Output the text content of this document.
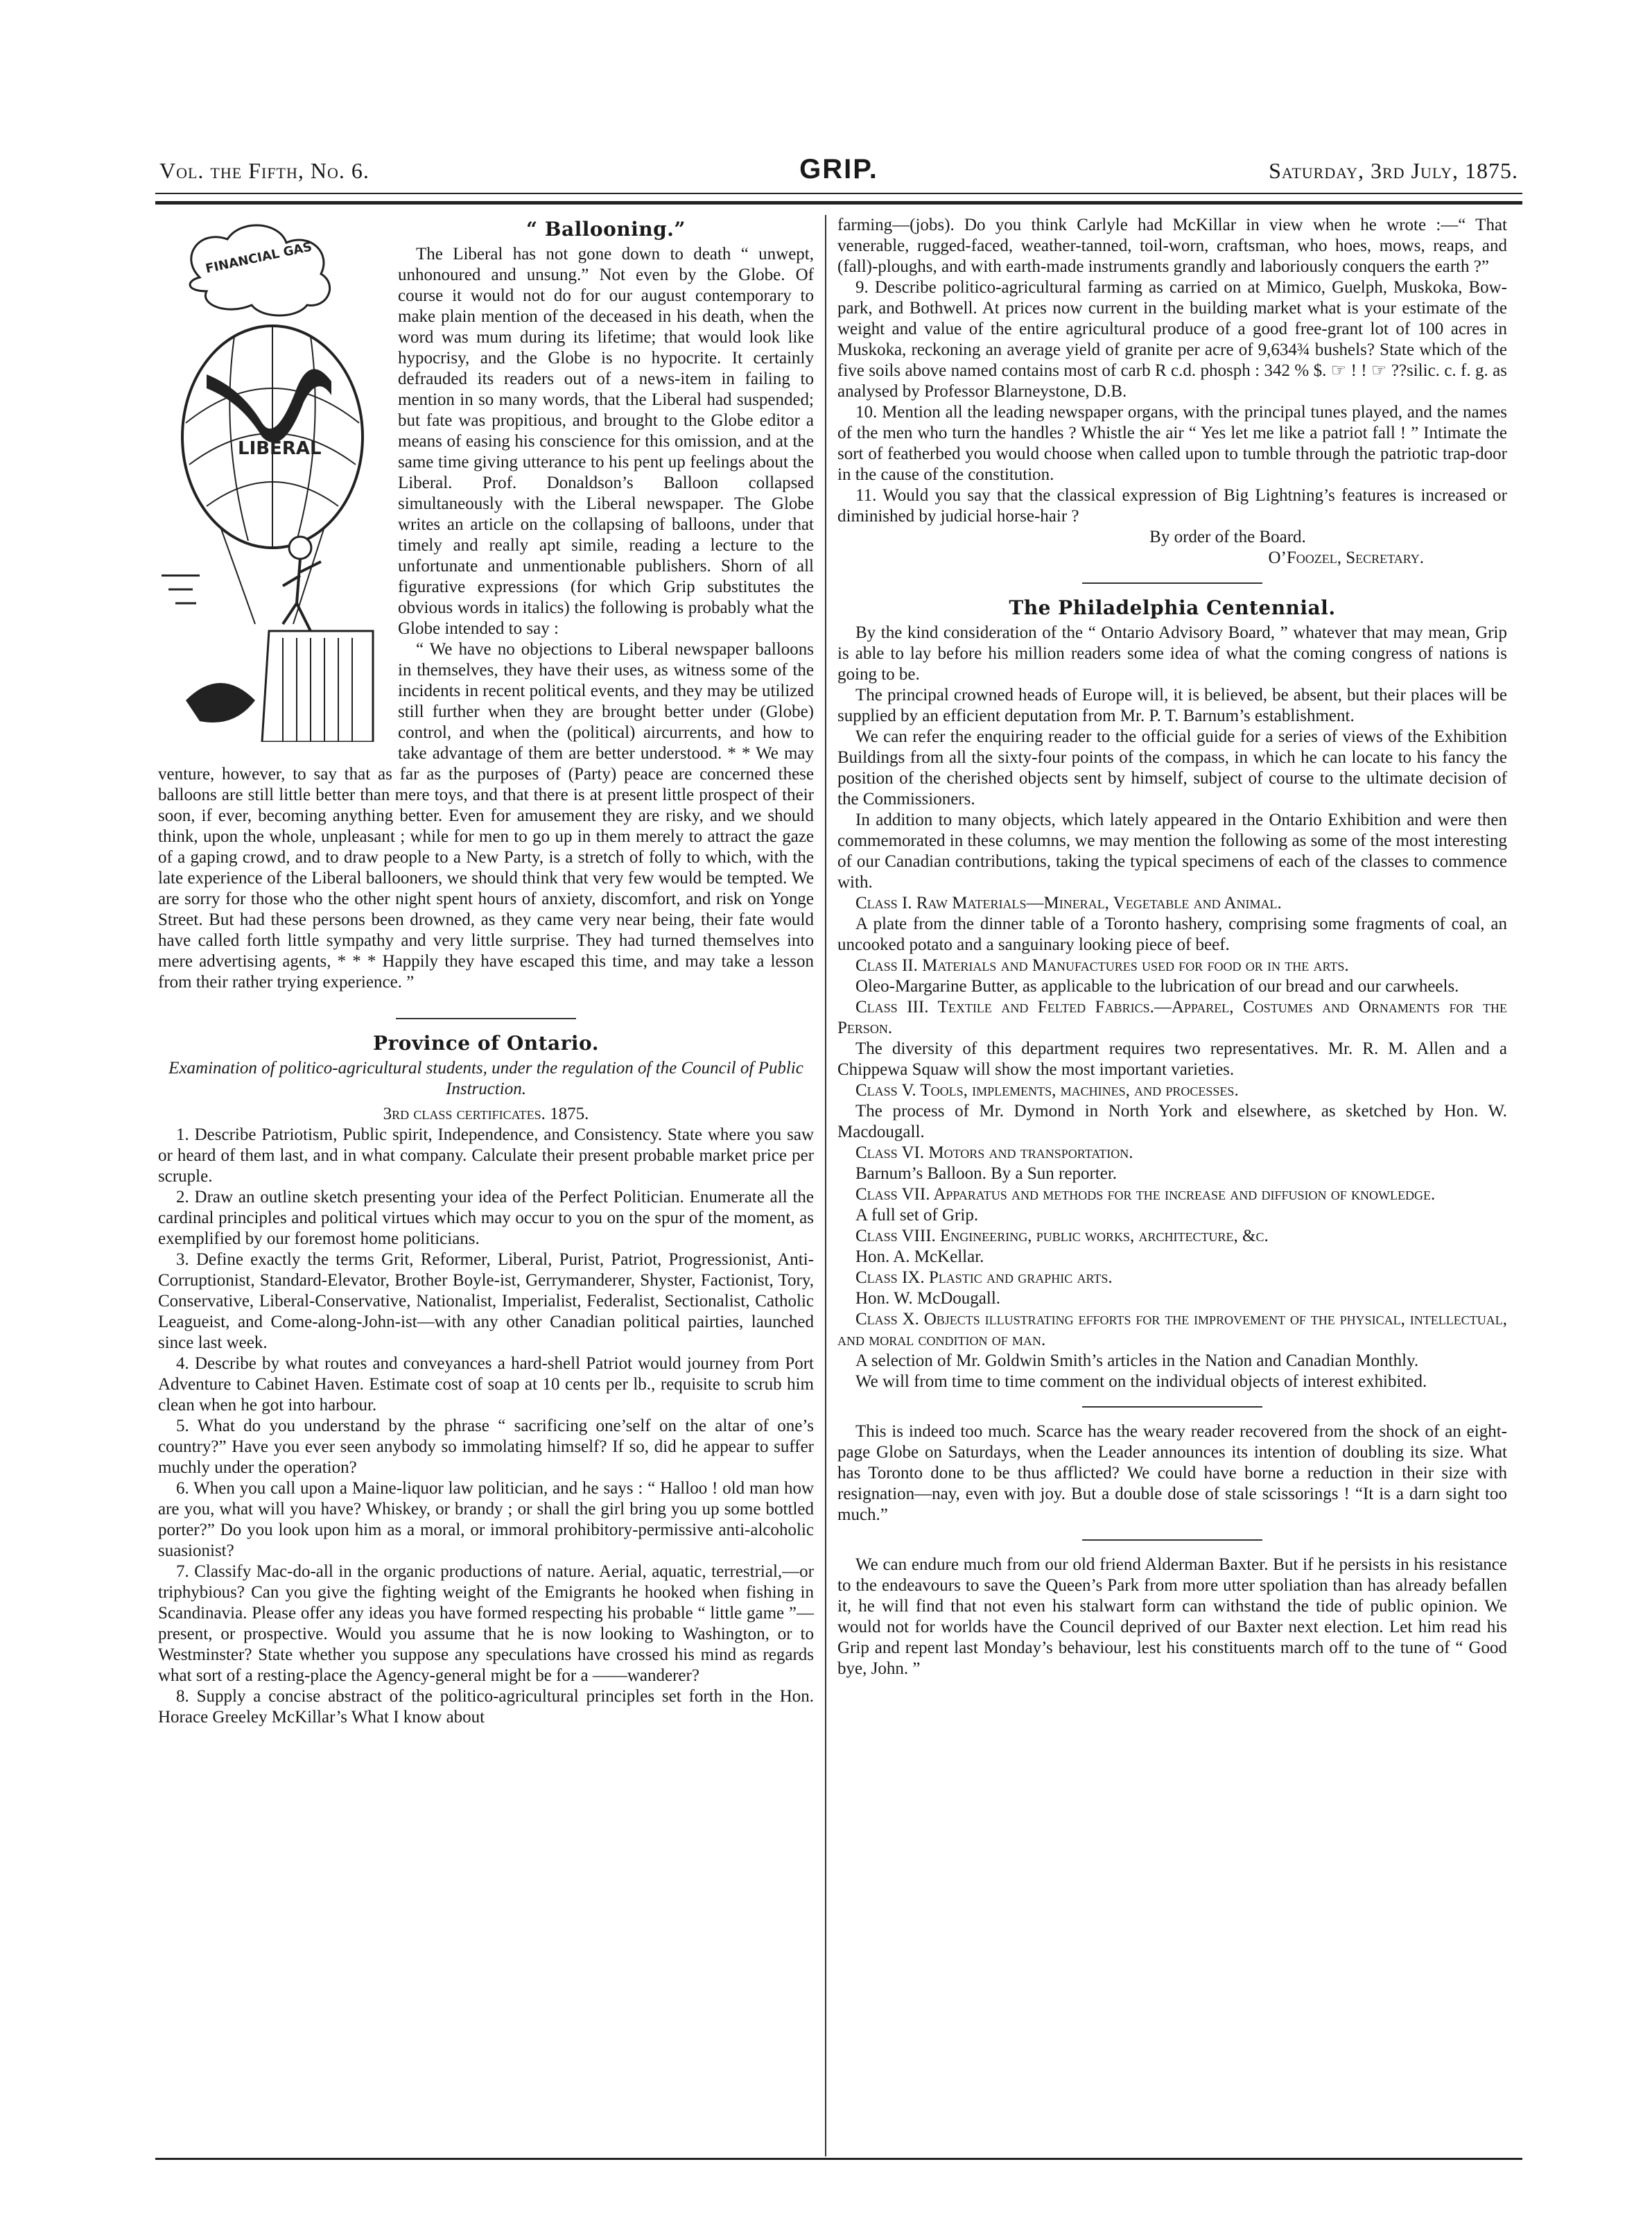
Vol. the Fifth, No. 6.	GRIP.	Saturday, 3rd July, 1875.
FINANCIAL GAS
LIBERAL
“ Ballooning.”

The Liberal has not gone down to death “ unwept, unhonoured and unsung.” Not even by the Globe. Of course it would not do for our august contemporary to make plain mention of the deceased in his death, when the word was mum during its lifetime; that would look like hypocrisy, and the Globe is no hypocrite. It certainly defrauded its readers out of a news-item in failing to mention in so many words, that the Liberal had suspended; but fate was propitious, and brought to the Globe editor a means of easing his conscience for this omission, and at the same time giving utterance to his pent up feelings about the Liberal. Prof. Donaldson’s Balloon collapsed simultaneously with the Liberal newspaper. The Globe writes an article on the collapsing of balloons, under that timely and really apt simile, reading a lecture to the unfortunate and unmentionable publishers. Shorn of all figurative expressions (for which Grip substitutes the obvious words in italics) the following is probably what the Globe intended to say :

“ We have no objections to Liberal newspaper balloons in themselves, they have their uses, as witness some of the incidents in recent political events, and they may be utilized still further when they are brought better under (Globe) control, and when the (political) aircurrents, and how to take advantage of them are better understood. * * We may venture, however, to say that as far as the purposes of (Party) peace are concerned these balloons are still little better than mere toys, and that there is at present little prospect of their soon, if ever, becoming anything better. Even for amusement they are risky, and we should think, upon the whole, unpleasant ; while for men to go up in them merely to attract the gaze of a gaping crowd, and to draw people to a New Party, is a stretch of folly to which, with the late experience of the Liberal ballooners, we should think that very few would be tempted. We are sorry for those who the other night spent hours of anxiety, discomfort, and risk on Yonge Street. But had these persons been drowned, as they came very near being, their fate would have called forth little sympathy and very little surprise. They had turned themselves into mere advertising agents, * * * Happily they have escaped this time, and may take a lesson from their rather trying experience. ”

Province of Ontario.

Examination of politico-agricultural students, under the regulation of the Council of Public Instruction.

3rd class certificates. 1875.

1. Describe Patriotism, Public spirit, Independence, and Consistency. State where you saw or heard of them last, and in what company. Calculate their present probable market price per scruple.

2. Draw an outline sketch presenting your idea of the Perfect Politician. Enumerate all the cardinal principles and political virtues which may occur to you on the spur of the moment, as exemplified by our foremost home politicians.

3. Define exactly the terms Grit, Reformer, Liberal, Purist, Patriot, Progressionist, Anti-Corruptionist, Standard-Elevator, Brother Boyle-ist, Gerrymanderer, Shyster, Factionist, Tory, Conservative, Liberal-Conservative, Nationalist, Imperialist, Federalist, Sectionalist, Catholic Leagueist, and Come-along-John-ist—with any other Canadian political pairties, launched since last week.

4. Describe by what routes and conveyances a hard-shell Patriot would journey from Port Adventure to Cabinet Haven. Estimate cost of soap at 10 cents per lb., requisite to scrub him clean when he got into harbour.

5. What do you understand by the phrase “ sacrificing one’self on the altar of one’s country?” Have you ever seen anybody so immolating himself? If so, did he appear to suffer muchly under the operation?

6. When you call upon a Maine-liquor law politician, and he says : “ Halloo ! old man how are you, what will you have? Whiskey, or brandy ; or shall the girl bring you up some bottled porter?” Do you look upon him as a moral, or immoral prohibitory-permissive anti-alcoholic suasionist?

7. Classify Mac-do-all in the organic productions of nature. Aerial, aquatic, terrestrial,—or triphybious? Can you give the fighting weight of the Emigrants he hooked when fishing in Scandinavia. Please offer any ideas you have formed respecting his probable “ little game ”—present, or prospective. Would you assume that he is now looking to Washington, or to Westminster? State whether you suppose any speculations have crossed his mind as regards what sort of a resting-place the Agency-general might be for a ——wanderer?

8. Supply a concise abstract of the politico-agricultural principles set forth in the Hon. Horace Greeley McKillar’s What I know about

farming—(jobs). Do you think Carlyle had McKillar in view when he wrote :—“ That venerable, rugged-faced, weather-tanned, toil-worn, craftsman, who hoes, mows, reaps, and (fall)-ploughs, and with earth-made instruments grandly and laboriously conquers the earth ?”

9. Describe politico-agricultural farming as carried on at Mimico, Guelph, Muskoka, Bow-park, and Bothwell. At prices now current in the building market what is your estimate of the weight and value of the entire agricultural produce of a good free-grant lot of 100 acres in Muskoka, reckoning an average yield of granite per acre of 9,634¾ bushels? State which of the five soils above named contains most of carb R c.d. phosph : 342 % $. ☞ ! ! ☞ ??silic. c. f. g. as analysed by Professor Blarneystone, D.B.

10. Mention all the leading newspaper organs, with the principal tunes played, and the names of the men who turn the handles ? Whistle the air “ Yes let me like a patriot fall ! ” Intimate the sort of featherbed you would choose when called upon to tumble through the patriotic trap-door in the cause of the constitution.

11. Would you say that the classical expression of Big Lightning’s features is increased or diminished by judicial horse-hair ?

By order of the Board.

O’Foozel, Secretary.

The Philadelphia Centennial.

By the kind consideration of the “ Ontario Advisory Board, ” whatever that may mean, Grip is able to lay before his million readers some idea of what the coming congress of nations is going to be.

The principal crowned heads of Europe will, it is believed, be absent, but their places will be supplied by an efficient deputation from Mr. P. T. Barnum’s establishment.

We can refer the enquiring reader to the official guide for a series of views of the Exhibition Buildings from all the sixty-four points of the compass, in which he can locate to his fancy the position of the cherished objects sent by himself, subject of course to the ultimate decision of the Commissioners.

In addition to many objects, which lately appeared in the Ontario Exhibition and were then commemorated in these columns, we may mention the following as some of the most interesting of our Canadian contributions, taking the typical specimens of each of the classes to commence with.

Class I. Raw Materials—Mineral, Vegetable and Animal.

A plate from the dinner table of a Toronto hashery, comprising some fragments of coal, an uncooked potato and a sanguinary looking piece of beef.

Class II. Materials and Manufactures used for food or in the arts.

Oleo-Margarine Butter, as applicable to the lubrication of our bread and our carwheels.

Class III. Textile and Felted Fabrics.—Apparel, Costumes and Ornaments for the Person.

The diversity of this department requires two representatives. Mr. R. M. Allen and a Chippewa Squaw will show the most important varieties.

Class V. Tools, implements, machines, and processes.

The process of Mr. Dymond in North York and elsewhere, as sketched by Hon. W. Macdougall.

Class VI. Motors and transportation.

Barnum’s Balloon. By a Sun reporter.

Class VII. Apparatus and methods for the increase and diffusion of knowledge.

A full set of Grip.

Class VIII. Engineering, public works, architecture, &c.

Hon. A. McKellar.

Class IX. Plastic and graphic arts.

Hon. W. McDougall.

Class X. Objects illustrating efforts for the improvement of the physical, intellectual, and moral condition of man.

A selection of Mr. Goldwin Smith’s articles in the Nation and Canadian Monthly.

We will from time to time comment on the individual objects of interest exhibited.

This is indeed too much. Scarce has the weary reader recovered from the shock of an eight-page Globe on Saturdays, when the Leader announces its intention of doubling its size. What has Toronto done to be thus afflicted? We could have borne a reduction in their size with resignation—nay, even with joy. But a double dose of stale scissorings ! “It is a darn sight too much.”

We can endure much from our old friend Alderman Baxter. But if he persists in his resistance to the endeavours to save the Queen’s Park from more utter spoliation than has already befallen it, he will find that not even his stalwart form can withstand the tide of public opinion. We would not for worlds have the Council deprived of our Baxter next election. Let him read his Grip and repent last Monday’s behaviour, lest his constituents march off to the tune of “ Good bye, John. ”
